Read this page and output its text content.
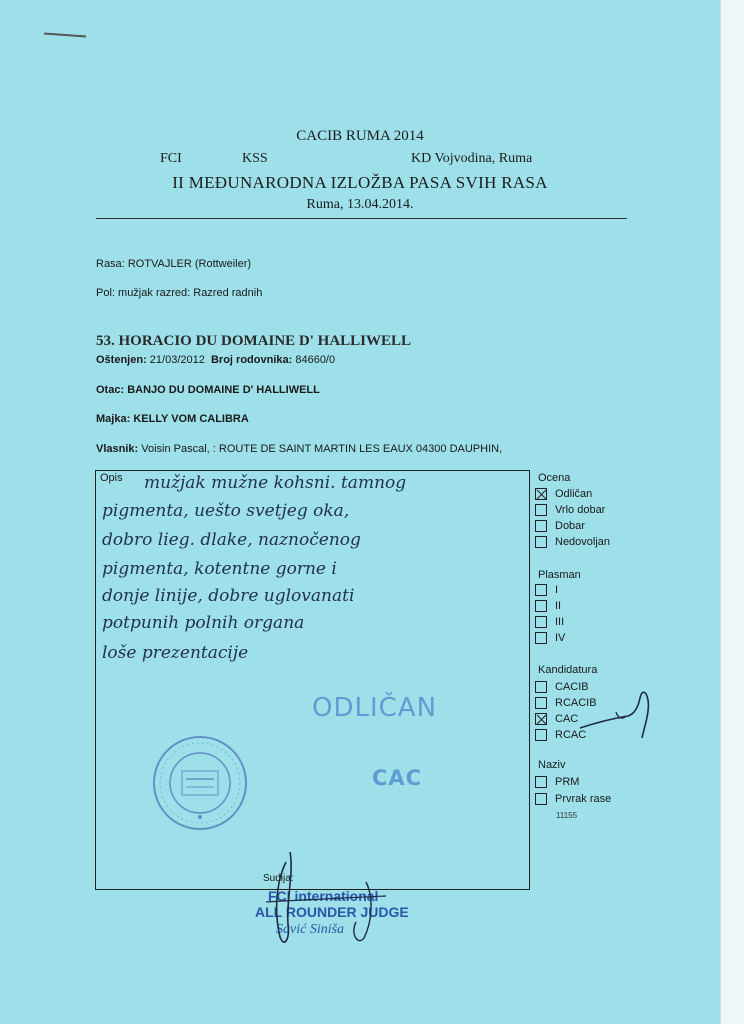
CACIB RUMA 2014
FCI	KSS	KD Vojvodina, Ruma
II MEĐUNARODNA IZLOŽBA PASA SVIH RASA
Ruma, 13.04.2014.
Rasa: ROTVAJLER (Rottweiler)
Pol: mužjak razred: Razred radnih
53. HORACIO DU DOMAINE D' HALLIWELL
Oštenjen: 21/03/2012 Broj rodovnika: 84660/0
Otac: BANJO DU DOMAINE D' HALLIWELL
Majka: KELLY VOM CALIBRA
Vlasnik: Voisin Pascal, : ROUTE DE SAINT MARTIN LES EAUX 04300 DAUPHIN,
Opis mužjak mužne kohsni. tamnog
pigmenta, uešto svetjeg oka,
dobro lieg. dlake, naznočenog
pigmenta, kotentne gorne i
donje linije, dobre uglovanati
potpunih polnih organa
loše prezentacije
ODLIČAN
CAC
Ocena
Odličan
Vrlo dobar
Dobar
Nedovoljan
Plasman
I
II
III
IV
Kandidatura
CACIB
RCACIB
CAC
RCAC
Naziv
PRM
Prvrak rase
11155
Sudija:
FCI international
ALL ROUNDER JUDGE
Savić Siniša
